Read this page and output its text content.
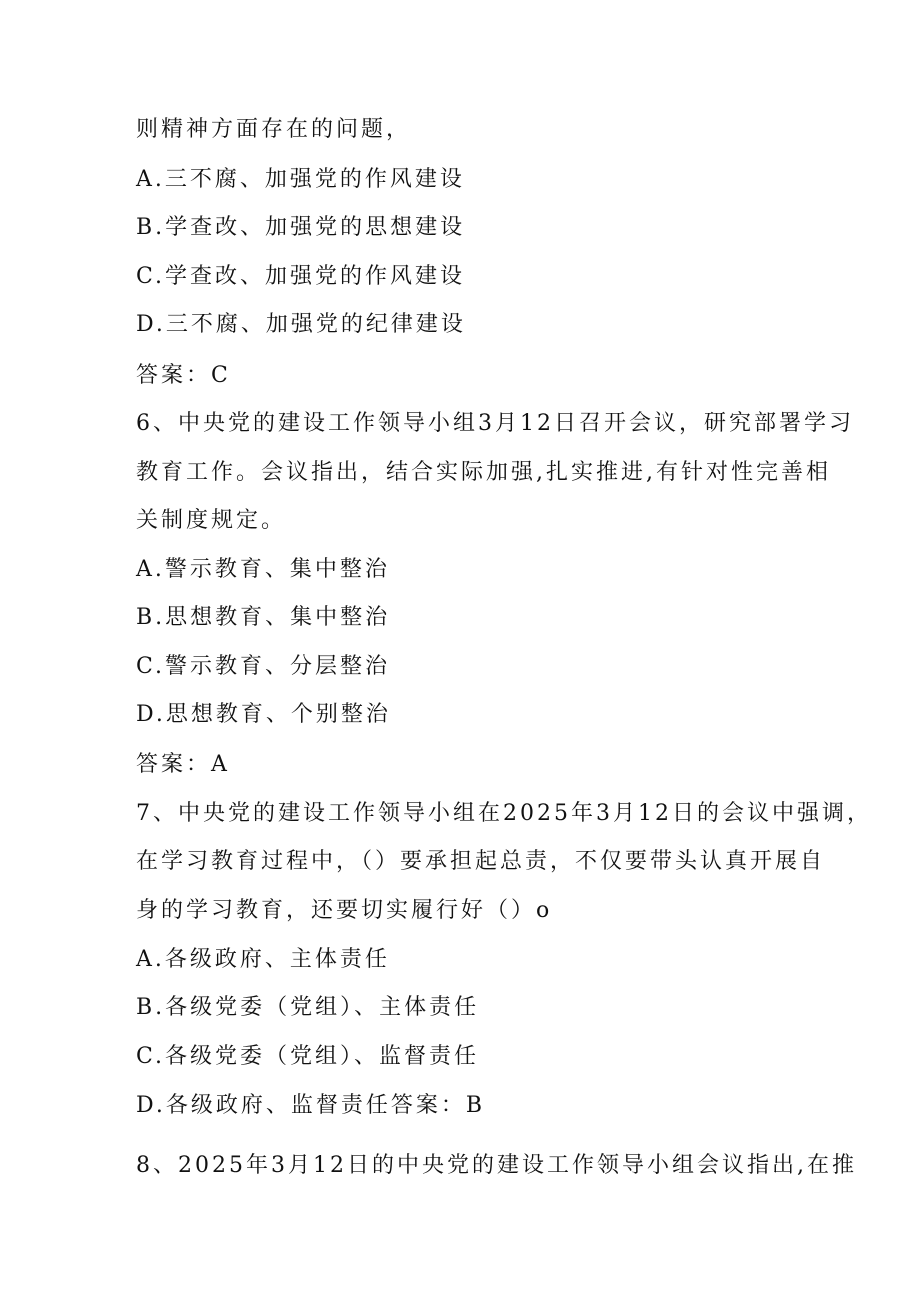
则精神方面存在的问题，
A.三不腐、加强党的作风建设
B.学查改、加强党的思想建设
C.学查改、加强党的作风建设
D.三不腐、加强党的纪律建设
答案：C
6、中央党的建设工作领导小组3月12日召开会议，研究部署学习
教育工作。会议指出，结合实际加强,扎实推进,有针对性完善相
关制度规定。
A.警示教育、集中整治
B.思想教育、集中整治
C.警示教育、分层整治
D.思想教育、个别整治
答案：A
7、中央党的建设工作领导小组在2025年3月12日的会议中强调，
在学习教育过程中，（）要承担起总责，不仅要带头认真开展自
身的学习教育，还要切实履行好（）o
A.各级政府、主体责任
B.各级党委（党组）、主体责任
C.各级党委（党组）、监督责任
D.各级政府、监督责任答案：B
8、2025年3月12日的中央党的建设工作领导小组会议指出,在推
